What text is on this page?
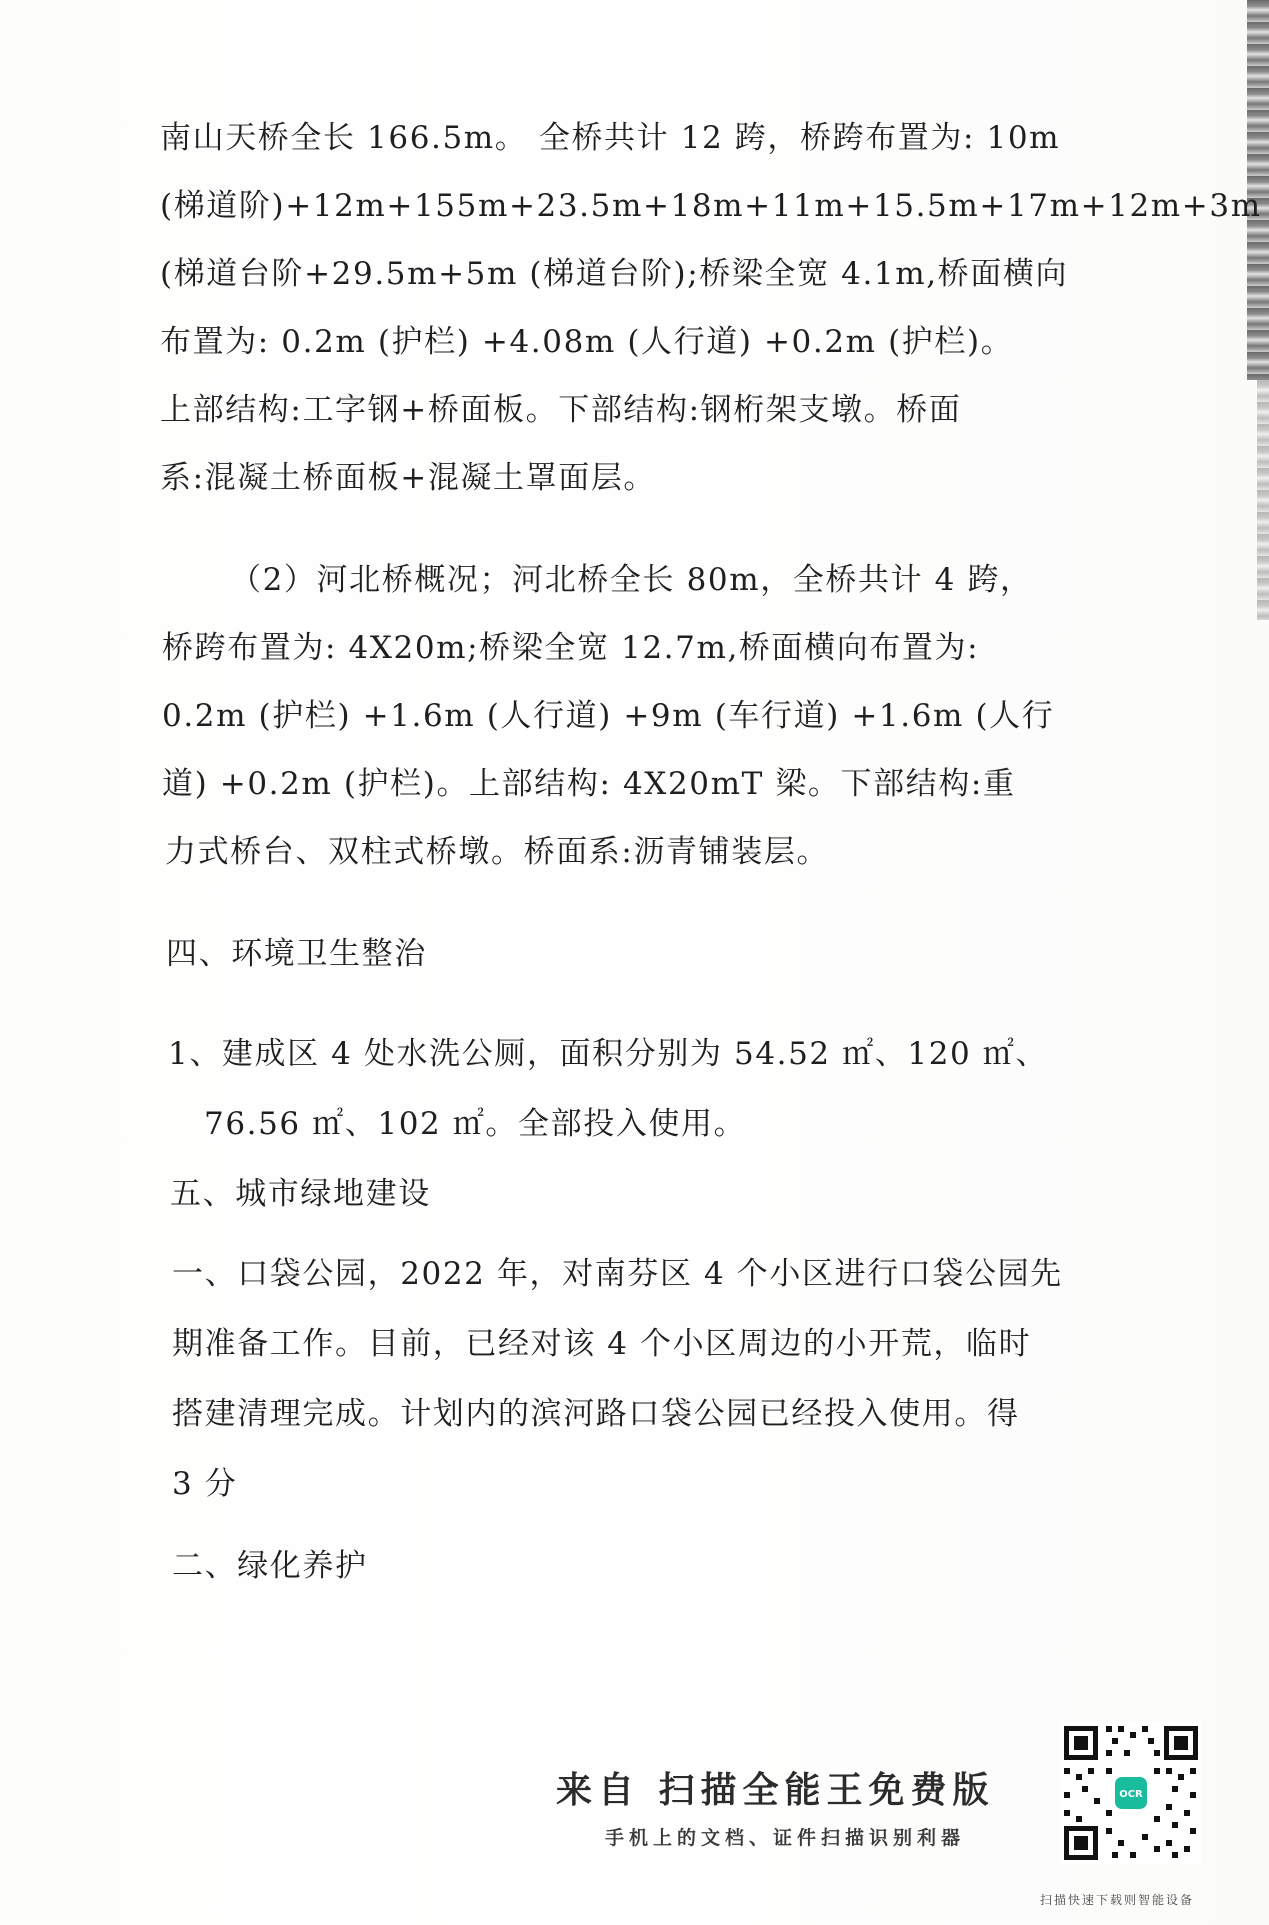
南山天桥全长 166.5m。 全桥共计 12 跨，桥跨布置为: 10m
(梯道阶)+12m+155m+23.5m+18m+11m+15.5m+17m+12m+3m
(梯道台阶+29.5m+5m (梯道台阶);桥梁全宽 4.1m,桥面横向
布置为: 0.2m (护栏) +4.08m (人行道) +0.2m (护栏)。
上部结构:工字钢+桥面板。下部结构:钢桁架支墩。桥面
系:混凝土桥面板+混凝土罩面层。
（2）河北桥概况；河北桥全长 80m，全桥共计 4 跨，
桥跨布置为: 4X20m;桥梁全宽 12.7m,桥面横向布置为:
0.2m (护栏) +1.6m (人行道) +9m (车行道) +1.6m (人行
道) +0.2m (护栏)。上部结构: 4X20mT 梁。下部结构:重
力式桥台、双柱式桥墩。桥面系:沥青铺装层。
四、环境卫生整治
1、建成区 4 处水洗公厕，面积分别为 54.52 ㎡、120 ㎡、
76.56 ㎡、102 ㎡。全部投入使用。
五、城市绿地建设
一、口袋公园，2022 年，对南芬区 4 个小区进行口袋公园先
期准备工作。目前，已经对该 4 个小区周边的小开荒，临时
搭建清理完成。计划内的滨河路口袋公园已经投入使用。得
3 分
二、绿化养护
来自 扫描全能王免费版
手机上的文档、证件扫描识别利器
OCR
扫描快速下载则智能设备
